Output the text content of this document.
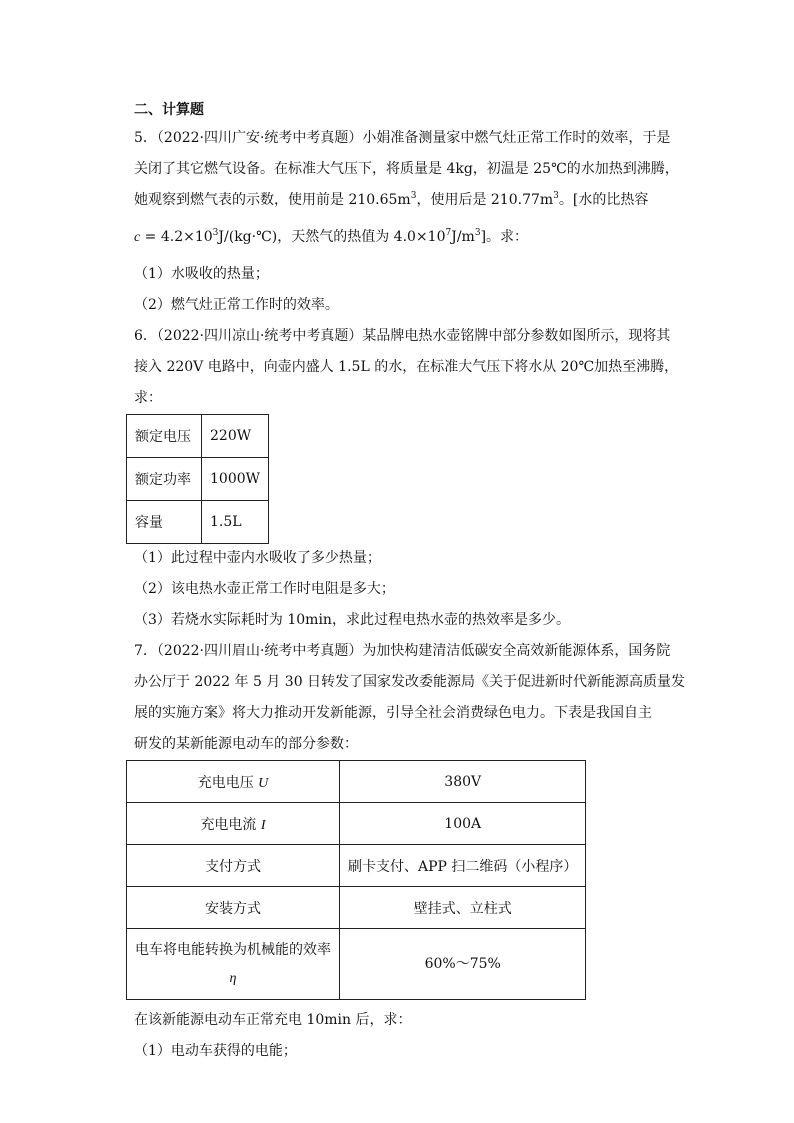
二、计算题
5．（2022·四川广安·统考中考真题）小娟准备测量家中燃气灶正常工作时的效率，于是
关闭了其它燃气设备。在标准大气压下，将质量是 4kg，初温是 25℃的水加热到沸腾，
她观察到燃气表的示数，使用前是 $210.65m^3$，使用后是 $210.77m^3$。[水的比热容
$c = 4.2\times 10^3J/(kg\cdot℃)$，天然气的热值为 $4.0\times 10^7J/m^3$]。求：
（1）水吸收的热量；
（2）燃气灶正常工作时的效率。
6．（2022·四川凉山·统考中考真题）某品牌电热水壶铭牌中部分参数如图所示，现将其
接入 220V 电路中，向壶内盛人 1.5L 的水，在标准大气压下将水从 20℃加热至沸腾，
求：
额定电压	220W
额定功率	1000W
容量	1.5L
（1）此过程中壶内水吸收了多少热量；
（2）该电热水壶正常工作时电阻是多大；
（3）若烧水实际耗时为 10min，求此过程电热水壶的热效率是多少。
7．（2022·四川眉山·统考中考真题）为加快构建清洁低碳安全高效新能源体系，国务院
办公厅于 2022 年 5 月 30 日转发了国家发改委能源局《关于促进新时代新能源高质量发
展的实施方案》将大力推动开发新能源，引导全社会消费绿色电力。下表是我国自主
研发的某新能源电动车的部分参数：
充电电压 U	380V
充电电流 I	100A
支付方式	刷卡支付、APP 扫二维码（小程序）
安装方式	壁挂式、立柱式
电车将电能转换为机械能的效率
η	60%～75%
在该新能源电动车正常充电 10min 后，求：
（1）电动车获得的电能；
